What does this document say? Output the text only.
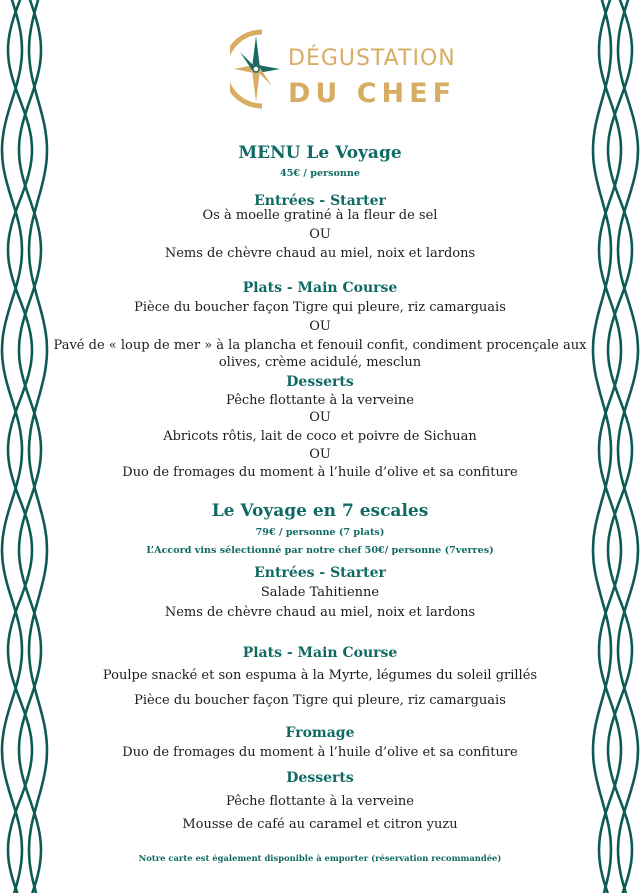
DÉGUSTATION
DU CHEF
MENU Le Voyage
45€ / personne
Entrées - Starter
Os à moelle gratiné à la fleur de sel
OU
Nems de chèvre chaud au miel, noix et lardons
Plats - Main Course
Pièce du boucher façon Tigre qui pleure, riz camarguais
OU
Pavé de « loup de mer » à la plancha et fenouil confit, condiment procençale aux olives, crème acidulé, mesclun
Desserts
Pêche flottante à la verveine
OU
Abricots rôtis, lait de coco et poivre de Sichuan
OU
Duo de fromages du moment à l’huile d’olive et sa confiture
Le Voyage en 7 escales
79€ / personne (7 plats)
L’Accord vins sélectionné par notre chef 50€/ personne (7verres)
Entrées - Starter
Salade Tahitienne
Nems de chèvre chaud au miel, noix et lardons
Plats - Main Course
Poulpe snacké et son espuma à la Myrte, légumes du soleil grillés
Pièce du boucher façon Tigre qui pleure, riz camarguais
Fromage
Duo de fromages du moment à l’huile d’olive et sa confiture
Desserts
Pêche flottante à la verveine
Mousse de café au caramel et citron yuzu
Notre carte est également disponible à emporter (réservation recommandée)
